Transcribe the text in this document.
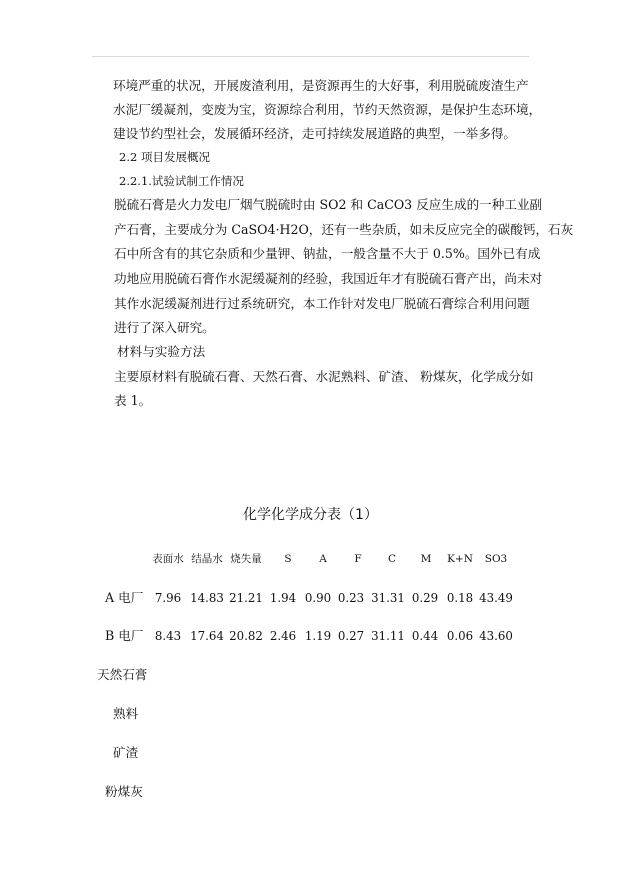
环境严重的状况，开展废渣利用，是资源再生的大好事，利用脱硫废渣生产
水泥厂缓凝剂，变废为宝，资源综合利用，节约天然资源，是保护生态环境，
建设节约型社会，发展循环经济，走可持续发展道路的典型，一举多得。
2.2 项目发展概况
2.2.1.试验试制工作情况
脱硫石膏是火力发电厂烟气脱硫时由 SO2 和 CaCO3 反应生成的一种工业副
产石膏，主要成分为 CaSO4·H2O，还有一些杂质，如未反应完全的碳酸钙，石灰
石中所含有的其它杂质和少量钾、钠盐，一般含量不大于 0.5%。国外已有成
功地应用脱硫石膏作水泥缓凝剂的经验，我国近年才有脱硫石膏产出，尚未对
其作水泥缓凝剂进行过系统研究，本工作针对发电厂脱硫石膏综合利用问题
进行了深入研究。
材料与实验方法
主要原材料有脱硫石膏、天然石膏、水泥熟料、矿渣、 粉煤灰，化学成分如
表 1。
化学化学成分表（1）
表面水 结晶水 烧失量	S	A	F	C	M	K+N	SO3
A 电厂 7.96 14.83 21.21 1.94 0.90 0.23 31.31 0.29 0.18 43.49
B 电厂 8.43 17.64 20.82 2.46 1.19 0.27 31.11 0.44 0.06 43.60
天然石膏
熟料
矿渣
粉煤灰
